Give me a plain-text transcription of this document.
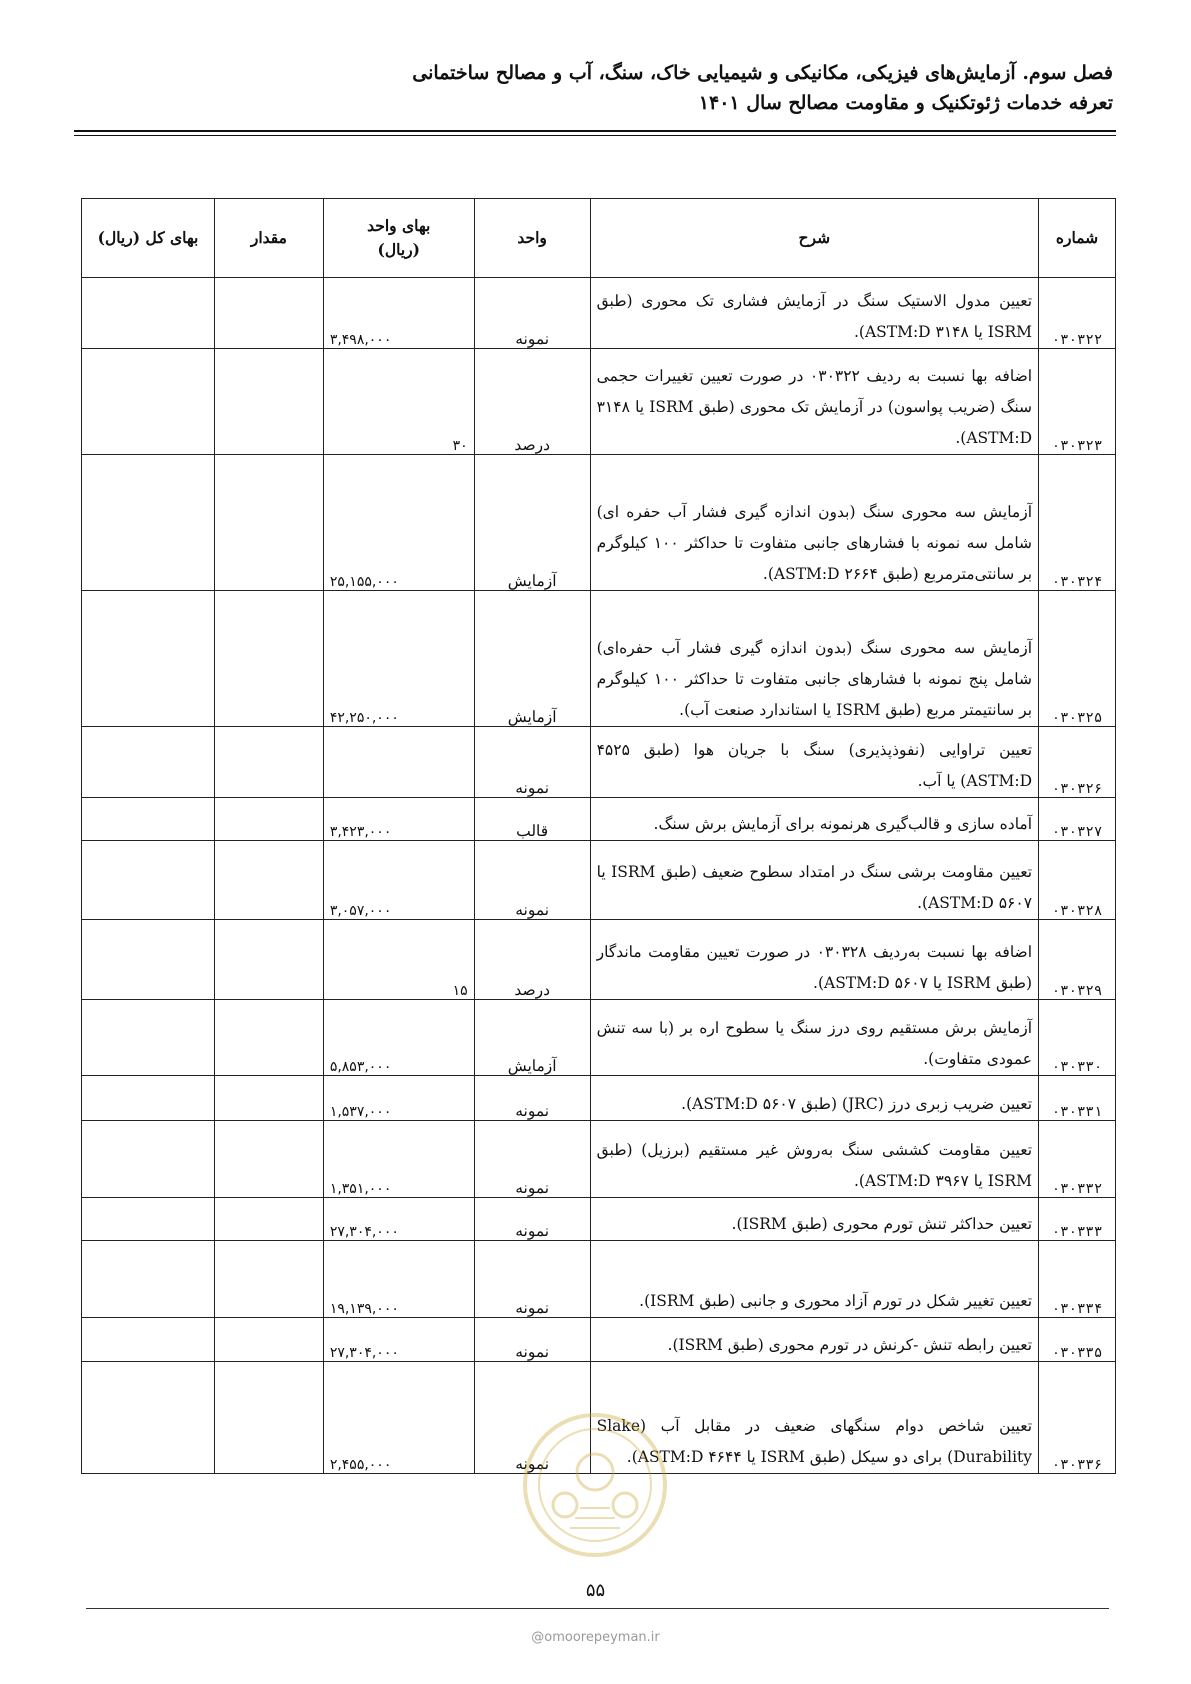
فصل سوم. آزمایش‌های فیزیکی، مکانیکی و شیمیایی خاک، سنگ، آب و مصالح ساختمانی
تعرفه خدمات ژئوتکنیک و مقاومت مصالح سال ۱۴۰۱
شماره	شرح	واحد	بهای واحد (ریال)	مقدار	بهای کل (ریال)
۰۳۰۳۲۲	تعیین مدول الاستیک سنگ در آزمایش فشاری تک محوری (طبق ISRM یا ASTM:D ۳۱۴۸).	نمونه	۳,۴۹۸,۰۰۰		
۰۳۰۳۲۳	اضافه بها نسبت به ردیف ۰۳۰۳۲۲ در صورت تعیین تغییرات حجمی سنگ (ضریب پواسون) در آزمایش تک محوری (طبق ISRM یا ۳۱۴۸ ASTM:D).	درصد	۳۰		
۰۳۰۳۲۴	آزمایش سه محوری سنگ (بدون اندازه گیری فشار آب حفره ای) شامل سه نمونه با فشارهای جانبی متفاوت تا حداکثر ۱۰۰ کیلوگرم بر سانتی‌مترمربع (طبق ۲۶۶۴ ASTM:D).	آزمایش	۲۵,۱۵۵,۰۰۰		
۰۳۰۳۲۵	آزمایش سه محوری سنگ (بدون اندازه گیری فشار آب حفره‌ای) شامل پنج نمونه با فشارهای جانبی متفاوت تا حداکثر ۱۰۰ کیلوگرم بر سانتیمتر مربع (طبق ISRM یا استاندارد صنعت آب).	آزمایش	۴۲,۲۵۰,۰۰۰		
۰۳۰۳۲۶	تعیین تراوایی (نفوذپذیری) سنگ با جریان هوا (طبق ۴۵۲۵ ASTM:D) یا آب.	نمونه			
۰۳۰۳۲۷	آماده سازی و قالب‌گیری هرنمونه برای آزمایش برش سنگ.	قالب	۳,۴۲۳,۰۰۰		
۰۳۰۳۲۸	تعیین مقاومت برشی سنگ در امتداد سطوح ضعیف (طبق ISRM یا ۵۶۰۷ ASTM:D).	نمونه	۳,۰۵۷,۰۰۰		
۰۳۰۳۲۹	اضافه بها نسبت به‌ردیف ۰۳۰۳۲۸ در صورت تعیین مقاومت ماندگار (طبق ISRM یا ۵۶۰۷ ASTM:D).	درصد	۱۵		
۰۳۰۳۳۰	آزمایش برش مستقیم روی درز سنگ یا سطوح اره بر (با سه تنش عمودی متفاوت).	آزمایش	۵,۸۵۳,۰۰۰		
۰۳۰۳۳۱	تعیین ضریب زبری درز (JRC) (طبق ۵۶۰۷ ASTM:D).	نمونه	۱,۵۳۷,۰۰۰		
۰۳۰۳۳۲	تعیین مقاومت کششی سنگ به‌روش غیر مستقیم (برزیل) (طبق ISRM یا ۳۹۶۷ ASTM:D).	نمونه	۱,۳۵۱,۰۰۰		
۰۳۰۳۳۳	تعیین حداکثر تنش تورم محوری (طبق ISRM).	نمونه	۲۷,۳۰۴,۰۰۰		
۰۳۰۳۳۴	تعیین تغییر شکل در تورم آزاد محوری و جانبی (طبق ISRM).	نمونه	۱۹,۱۳۹,۰۰۰		
۰۳۰۳۳۵	تعیین رابطه تنش -کرنش در تورم محوری (طبق ISRM).	نمونه	۲۷,۳۰۴,۰۰۰		
۰۳۰۳۳۶	تعیین شاخص دوام سنگهای ضعیف در مقابل آب (Slake Durability) برای دو سیکل (طبق ISRM یا ۴۶۴۴ ASTM:D).	نمونه	۲,۴۵۵,۰۰۰		
۵۵
@omoorepeyman.ir
